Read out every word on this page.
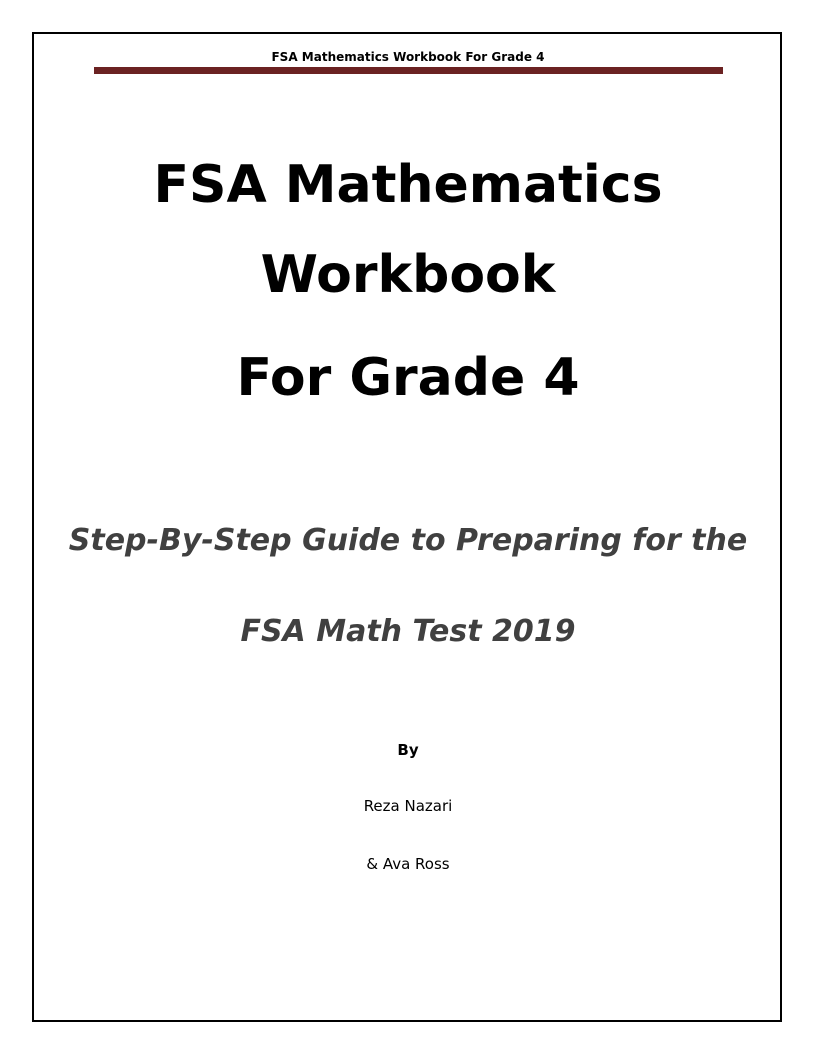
FSA Mathematics Workbook For Grade 4
FSA Mathematics
Workbook
For Grade 4
Step-By-Step Guide to Preparing for the
FSA Math Test 2019
By
Reza Nazari
& Ava Ross
